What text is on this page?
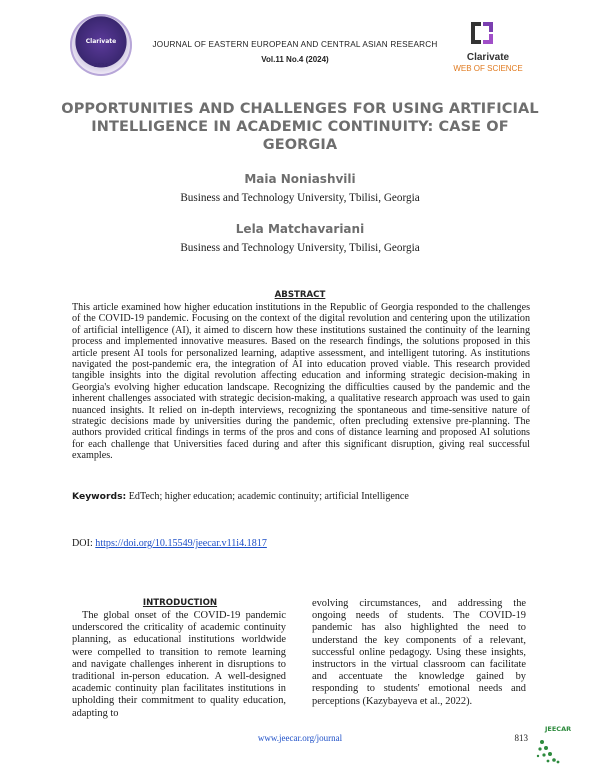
Clarivate
2024
JOURNAL OF EASTERN EUROPEAN AND CENTRAL ASIAN RESEARCH
Vol.11 No.4 (2024)	Clarivate
WEB OF SCIENCE
OPPORTUNITIES AND CHALLENGES FOR USING ARTIFICIAL INTELLIGENCE IN ACADEMIC CONTINUITY: CASE OF GEORGIA
Maia Noniashvili
Business and Technology University, Tbilisi, Georgia
Lela Matchavariani
Business and Technology University, Tbilisi, Georgia
ABSTRACT

This article examined how higher education institutions in the Republic of Georgia responded to the challenges of the COVID-19 pandemic. Focusing on the context of the digital revolution and centering upon the utilization of artificial intelligence (AI), it aimed to discern how these institutions sustained the continuity of the learning process and implemented innovative measures. Based on the research findings, the solutions proposed in this article present AI tools for personalized learning, adaptive assessment, and intelligent tutoring. As institutions navigated the post-pandemic era, the integration of AI into education proved viable. This research provided tangible insights into the digital revolution affecting education and informing strategic decision-making in Georgia's evolving higher education landscape. Recognizing the difficulties caused by the pandemic and the inherent challenges associated with strategic decision-making, a qualitative research approach was used to gain nuanced insights. It relied on in-depth interviews, recognizing the spontaneous and time-sensitive nature of strategic decisions made by universities during the pandemic, often precluding extensive pre-planning. The authors provided critical findings in terms of the pros and cons of distance learning and proposed AI solutions for each challenge that Universities faced during and after this significant disruption, giving real successful examples.

Keywords: EdTech; higher education; academic continuity; artificial Intelligence
DOI: https://doi.org/10.15549/jeecar.v11i4.1817
INTRODUCTION

The global onset of the COVID-19 pandemic underscored the criticality of academic continuity planning, as educational institutions worldwide were compelled to transition to remote learning and navigate challenges inherent in disruptions to traditional in-person education. A well-designed academic continuity plan facilitates institutions in upholding their commitment to quality education, adapting to

evolving circumstances, and addressing the ongoing needs of students. The COVID-19 pandemic has also highlighted the need to understand the key components of a relevant, successful online pedagogy. Using these insights, instructors in the virtual classroom can facilitate and accentuate the knowledge gained by responding to students' emotional needs and perceptions (Kazybayeva et al., 2022).

www.jeecar.org/journal	813
JEECAR
